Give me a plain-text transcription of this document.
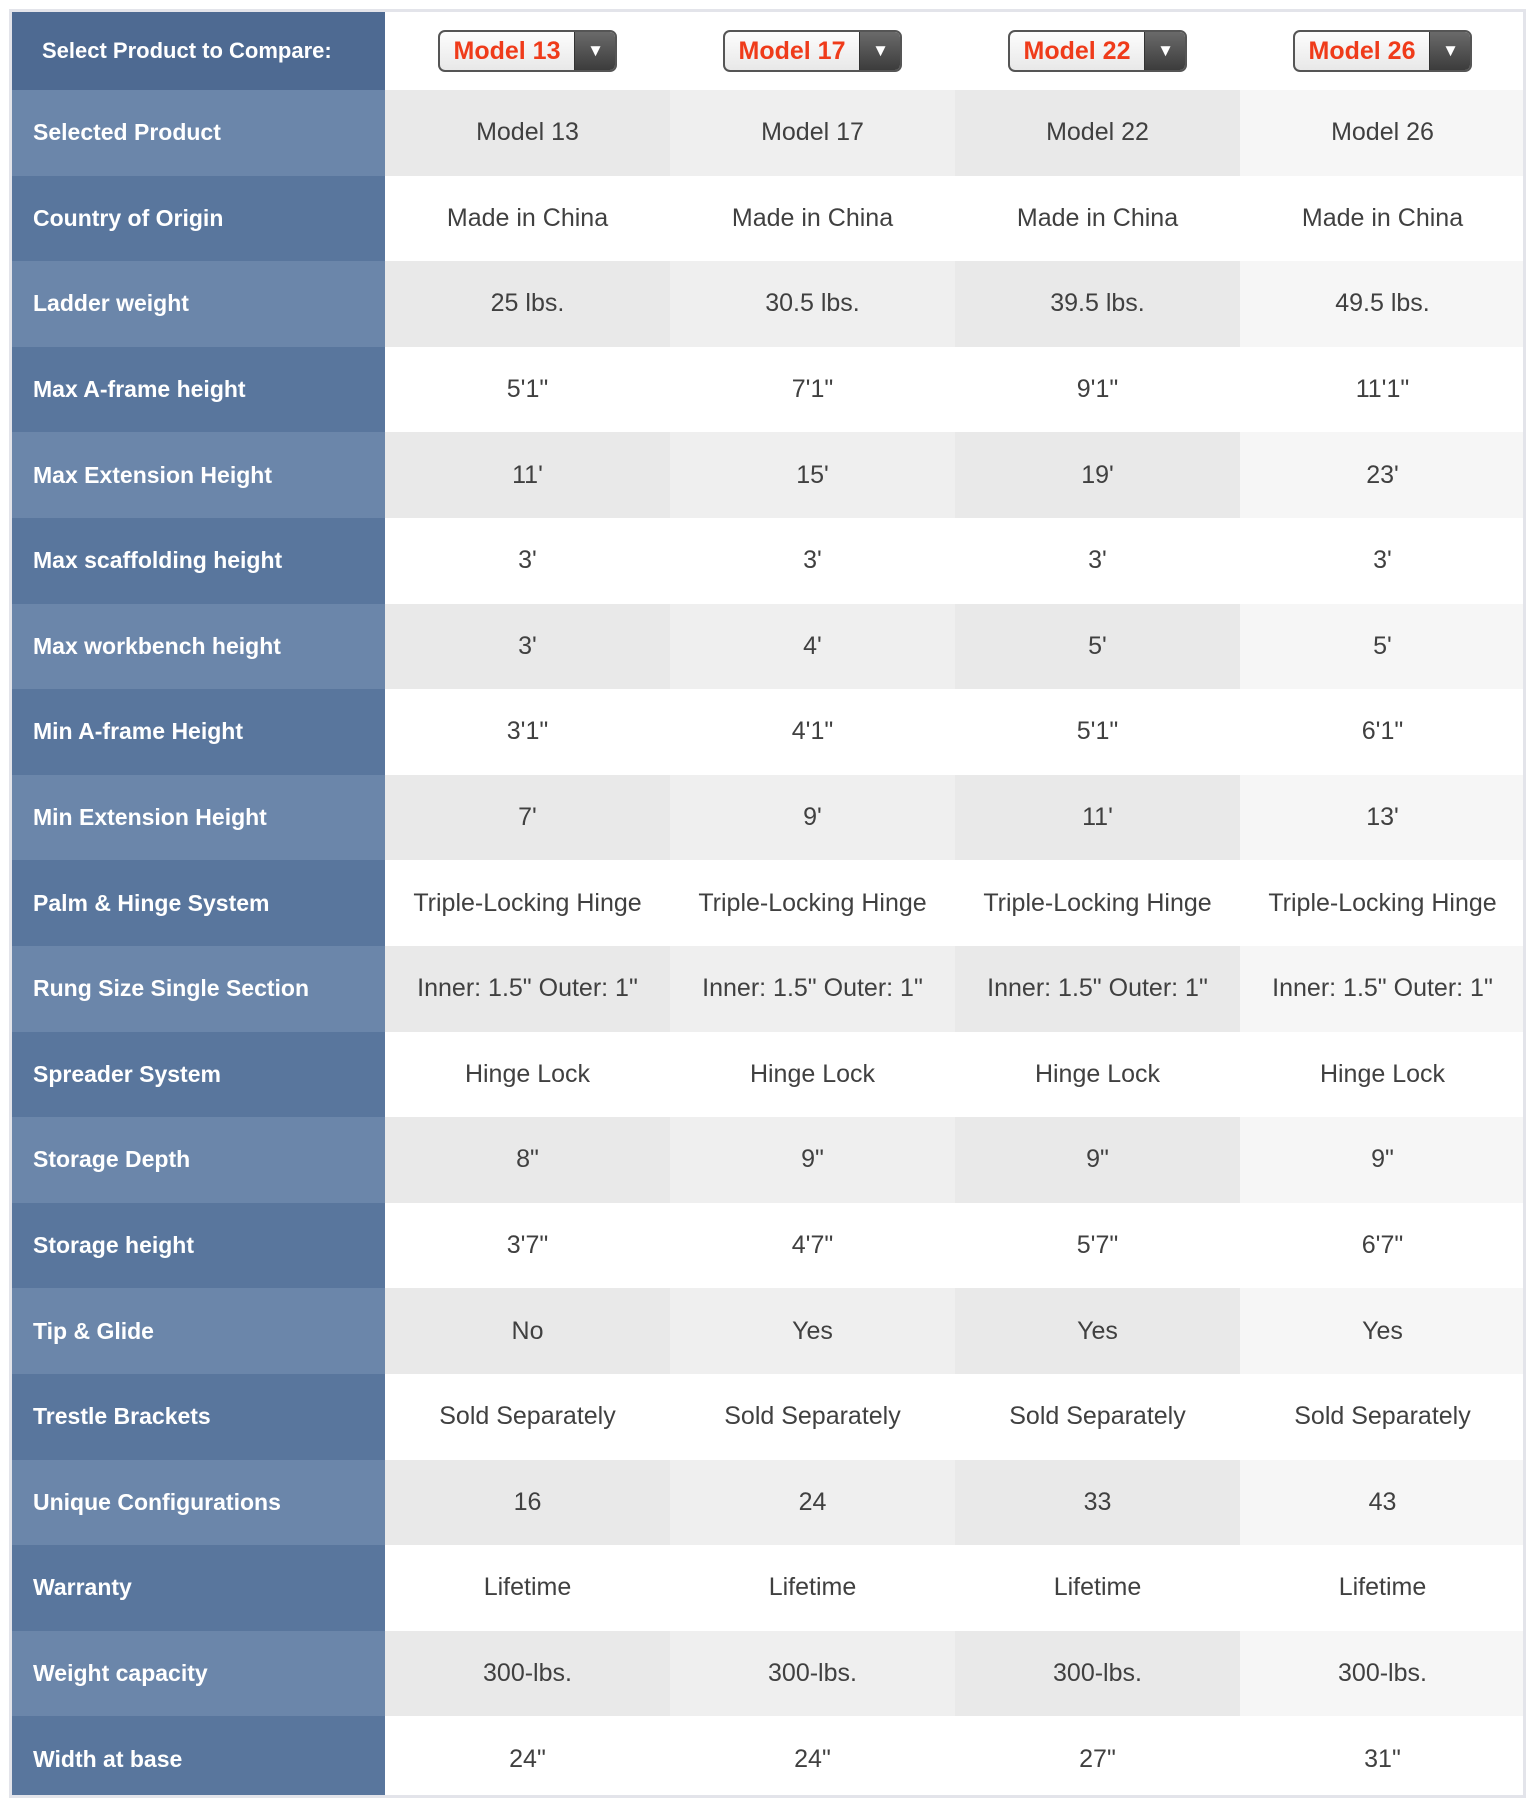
Select Product to Compare:	Model 13 ▼	Model 17 ▼	Model 22 ▼	Model 26 ▼

Selected Product	Model 13	Model 17	Model 22	Model 26
Country of Origin	Made in China	Made in China	Made in China	Made in China
Ladder weight	25 lbs.	30.5 lbs.	39.5 lbs.	49.5 lbs.
Max A-frame height	5'1"	7'1"	9'1"	11'1"
Max Extension Height	11'	15'	19'	23'
Max scaffolding height	3'	3'	3'	3'
Max workbench height	3'	4'	5'	5'
Min A-frame Height	3'1"	4'1"	5'1"	6'1"
Min Extension Height	7'	9'	11'	13'
Palm & Hinge System	Triple-Locking Hinge	Triple-Locking Hinge	Triple-Locking Hinge	Triple-Locking Hinge
Rung Size Single Section	Inner: 1.5" Outer: 1"	Inner: 1.5" Outer: 1"	Inner: 1.5" Outer: 1"	Inner: 1.5" Outer: 1"
Spreader System	Hinge Lock	Hinge Lock	Hinge Lock	Hinge Lock
Storage Depth	8"	9"	9"	9"
Storage height	3'7"	4'7"	5'7"	6'7"
Tip & Glide	No	Yes	Yes	Yes
Trestle Brackets	Sold Separately	Sold Separately	Sold Separately	Sold Separately
Unique Configurations	16	24	33	43
Warranty	Lifetime	Lifetime	Lifetime	Lifetime
Weight capacity	300-lbs.	300-lbs.	300-lbs.	300-lbs.
Width at base	24"	24"	27"	31"
